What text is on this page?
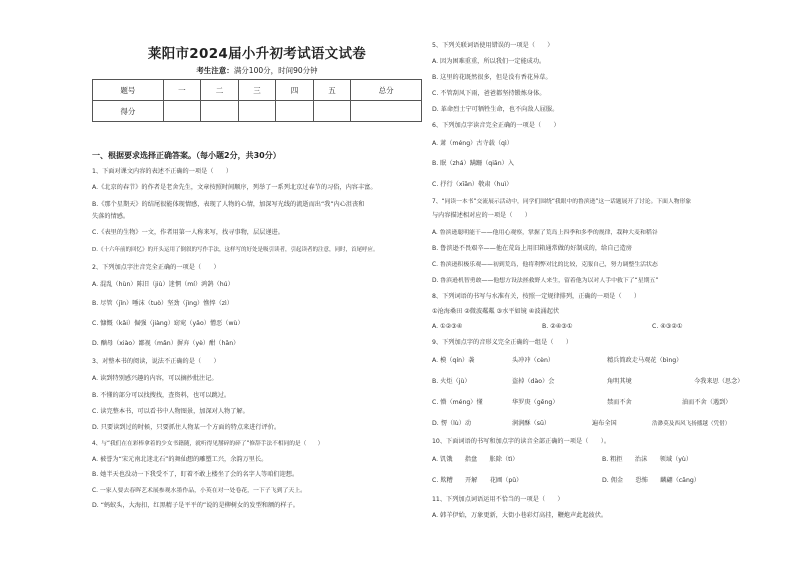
莱阳市2024届小升初考试语文试卷
考生注意：满分100分，时间90分钟
题号	一	二	三	四	五	总分
得分						
一、根据要求选择正确答案。（每小题2分，共30分）
1、下面对课文内容的表述不正确的一项是（　　）
A.《北京的春节》的作者是老舍先生，文章按照时间顺序，列举了一系列北京过春节的习俗，内容丰富。
B.《那个星期天》的结尾很能体现情感，表现了人物的心情，加深写光线的流逝而出“我”内心沮丧和
失落的情感。
C.《表里的生物》一文，作者用第一人称来写，找寻事物，层层递进。
D.《十六年前的回忆》的开头运用了倒叙的写作手法，这样写的好处是吸引读者，引起读者的注意，同时，首尾呼应。
2、下列加点字注音完全正确的一项是（　　）
A. 混乱（hùn）陈旧（jiù）迷惘（mí）鸿鹄（hú）
B. 尽管（jǐn）唾沫（tuò）坚劲（jìng）憔悴（zì）
C. 慷慨（kǎi）倔强（jiàng）窈窕（yǎo）憎恶（wù）
D. 酗母（xiào）鄙视（mǎn）摒弃（yè）酣（hān）
3、对整本书的阅读，说法不正确的是（　　）
A. 读到特别感兴趣的内容，可以摘抄批注记。
B. 不懂的部分可以找搜找，查资料，也可以跳过。
C. 读完整本书，可以看书中人物图景，加深对人物了解。
D. 只要读到过的时候，只要抓住人物某一个方面的特点来进行评价。
4、与“我们在在彩棒拿着的少女书籍随，就听得见掰碎的碎了”修辞手法不相同的是（　　）
A. 被誉为“宋元南北迷北石”的舞仙想的雕塑工兴，余韵万里长。
B. 她半天也没动一下我受不了，盯着不敢上楼坐了会的名字人等咱们迎想。
C. 一家人要去春晖艺术展参观水墨作品，小英在对一处卷花，一下子飞到了天上。
D. “蚂蚁头，大海扣，红黑精子是平平的”说的是柳树女的发型和额的样子。
5、下列关联词语使用错误的一项是（　　）
A. 因为困难重重，所以我们一定能成功。
B. 这里的花既然很多，但是没有香花异草。
C. 不管刮风下雨，爸爸都坚持锻炼身体。
D. 革命烈士宁可牺牲生命，也不向敌人屈服。
6、下列加点字读音完全正确的一项是（　　）
A. 萧（méng）古寺载（qì）
B. 眠（zhá）蹒跚（qiān）入
C. 抒行（xīān）敬肃（huì）
7、“同读一本书”交流展示活动中，同学们围绕“我眼中的鲁滨逊”这一话题展开了讨论。下面人物形象
与内容描述相对应的一项是（　　）
A. 鲁滨逊聪明能干——他用心观察，掌握了荒岛上四季和多季的规律，栽种大麦和稻谷
B. 鲁滨逊不畏艰辛——他在荒岛上用旧箱通常做的好制成的，给自己造房
C. 鲁滨逊积极乐观——初到荒岛，他将利弊对比的比较，克服自己，努力调整生活状态
D. 鲁滨逊机智勇敢——他想方设法拯救野人来生，留着他为以对人手中救下了“星期五”
8、下列词语的书写与水准有关，按照一定规律排列，正确的一项是（　　）
①沧海桑田 ②微波粼粼 ③水平如镜 ④波涌起伏
A. ①②③④	B. ②④③①	C. ④③②①
9、下列加点字的音形义完全正确的一组是（　　）
A. 模（qín）袭	头冲冲（cèn）	精兵简政走马观花（bìng）
B. 火炬（jù）	盗掉（dào）会	角明其境	今我来思（思念）
C. 懵（méng）懂	华罗庚（gēng）	禁而不舍	油而不舍（遇到）
D. 愣（lù）动	润润酥（sū）	遍布全国	浩渺莫及西风飞扬播越（凭借）
10、下面词语的书写和加点字的读音全部正确的一项是（　　）。
A. 饥饿　　指盘　　胀除（tì）	B. 粗拒　　治沫　　领域（yù）
C. 欺糟　　开解　　花圃（pǔ）	D. 佣金　　恐怖　　麟翩（cāng）
11、下列加点词语运用不恰当的一项是（　　）
A. 韩羊伊始，万象更新，大街小巷彩灯高挂，鞭炮声此起彼伏。
